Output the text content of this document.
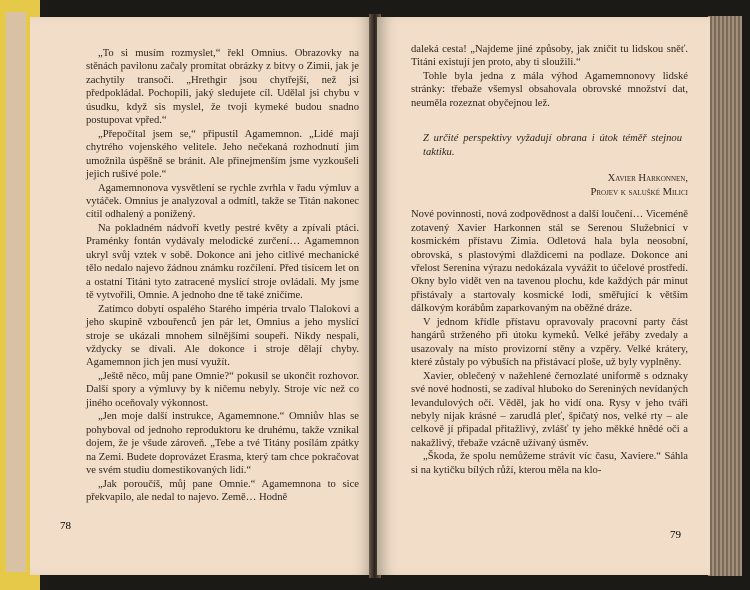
„To si musím rozmyslet,“ řekl Omnius. Obrazovky na stěnách pavilonu začaly promítat obrázky z bitvy o Zimii, jak je zachytily transoči. „Hrethgir jsou chytřejší, než jsi předpokládal. Pochopili, jaký sledujete cíl. Udělal jsi chybu v úsudku, když sis myslel, že tvoji kymeké budou snadno postupovat vpřed.“

„Přepočítal jsem se,“ připustil Agamemnon. „Lidé mají chytrého vojenského velitele. Jeho nečekaná rozhodnutí jim umožnila úspěšně se bránit. Ale přinejmenším jsme vyzkoušeli jejich rušivé pole.“

Agamemnonova vysvětlení se rychle zvrhla v řadu výmluv a vytáček. Omnius je analyzoval a odmítl, takže se Titán nakonec cítil odhalený a ponížený.

Na pokladném nádvoří kvetly pestré květy a zpívali ptáci. Praménky fontán vydávaly melodické zurčení… Agamemnon ukryl svůj vztek v sobě. Dokonce ani jeho citlivé mechanické tělo nedalo najevo žádnou známku rozčílení. Před tisícem let on a ostatní Titáni tyto zatracené myslící stroje ovládali. My jsme tě vytvořili, Omnie. A jednoho dne tě také zničíme.

Zatímco dobytí ospalého Starého impéria trvalo Tlalokovi a jeho skupině vzbouřenců jen pár let, Omnius a jeho myslící stroje se ukázali mnohem silnějšími soupeři. Nikdy nespali, vždycky se dívali. Ale dokonce i stroje dělají chyby. Agamemnon jich jen musí využít.

„Ještě něco, můj pane Omnie?“ pokusil se ukončit rozhovor. Další spory a výmluvy by k ničemu nebyly. Stroje víc než co jiného oceňovaly výkonnost.

„Jen moje další instrukce, Agamemnone.“ Omniův hlas se pohyboval od jednoho reproduktoru ke druhému, takže vznikal dojem, že je všude zároveň. „Tebe a tvé Titány posílám zpátky na Zemi. Budete doprovázet Erasma, který tam chce pokračovat ve svém studiu domestikovaných lidí.“

„Jak poroučíš, můj pane Omnie.“ Agamemnona to sice překvapilo, ale nedal to najevo. Země… Hodně

daleká cesta! „Najdeme jiné způsoby, jak zničit tu lidskou sněť. Titáni existují jen proto, aby ti sloužili.“

Tohle byla jedna z mála výhod Agamemnonovy lidské stránky: třebaže všemysl obsahovala obrovské množství dat, neuměla rozeznat obyčejnou lež.

Z určité perspektivy vyžadují obrana i útok téměř stejnou taktiku.

Xavier Harkonnen,
Projev k salušké Milici

Nové povinnosti, nová zodpovědnost a další loučení… Viceméně zotavený Xavier Harkonnen stál se Serenou Služebnicí v kosmickém přístavu Zimia. Odletová hala byla neosobní, obrovská, s plastovými dlaždicemi na podlaze. Dokonce ani vřelost Serenina výrazu nedokázala vyvážit to účelové prostředí. Okny bylo vidět ven na tavenou plochu, kde každých pár minut přistávaly a startovaly kosmické lodi, směřující k větším dálkovým korábům zaparkovaným na oběžné dráze.

V jednom křídle přístavu opravovaly pracovní party část hangárů strženého při útoku kymeků. Velké jeřáby zvedaly a usazovaly na místo provizorní stěny a vzpěry. Velké krátery, které zůstaly po výbuších na přistávací ploše, už byly vyplněny.

Xavier, oblečený v nažehlené černozlaté uniformě s odznaky své nové hodnosti, se zadíval hluboko do Sereniných nevídaných levandulových očí. Věděl, jak ho vidí ona. Rysy v jeho tváři nebyly nijak krásné – zarudlá pleť, špičatý nos, velké rty – ale celkově jí připadal přitažlivý, zvlášť ty jeho měkké hnědé oči a nakažlivý, třebaže vzácně užívaný úsměv.

„Škoda, že spolu nemůžeme strávit víc času, Xaviere.“ Sáhla si na kytičku bílých růží, kterou měla na klo-

78
79
